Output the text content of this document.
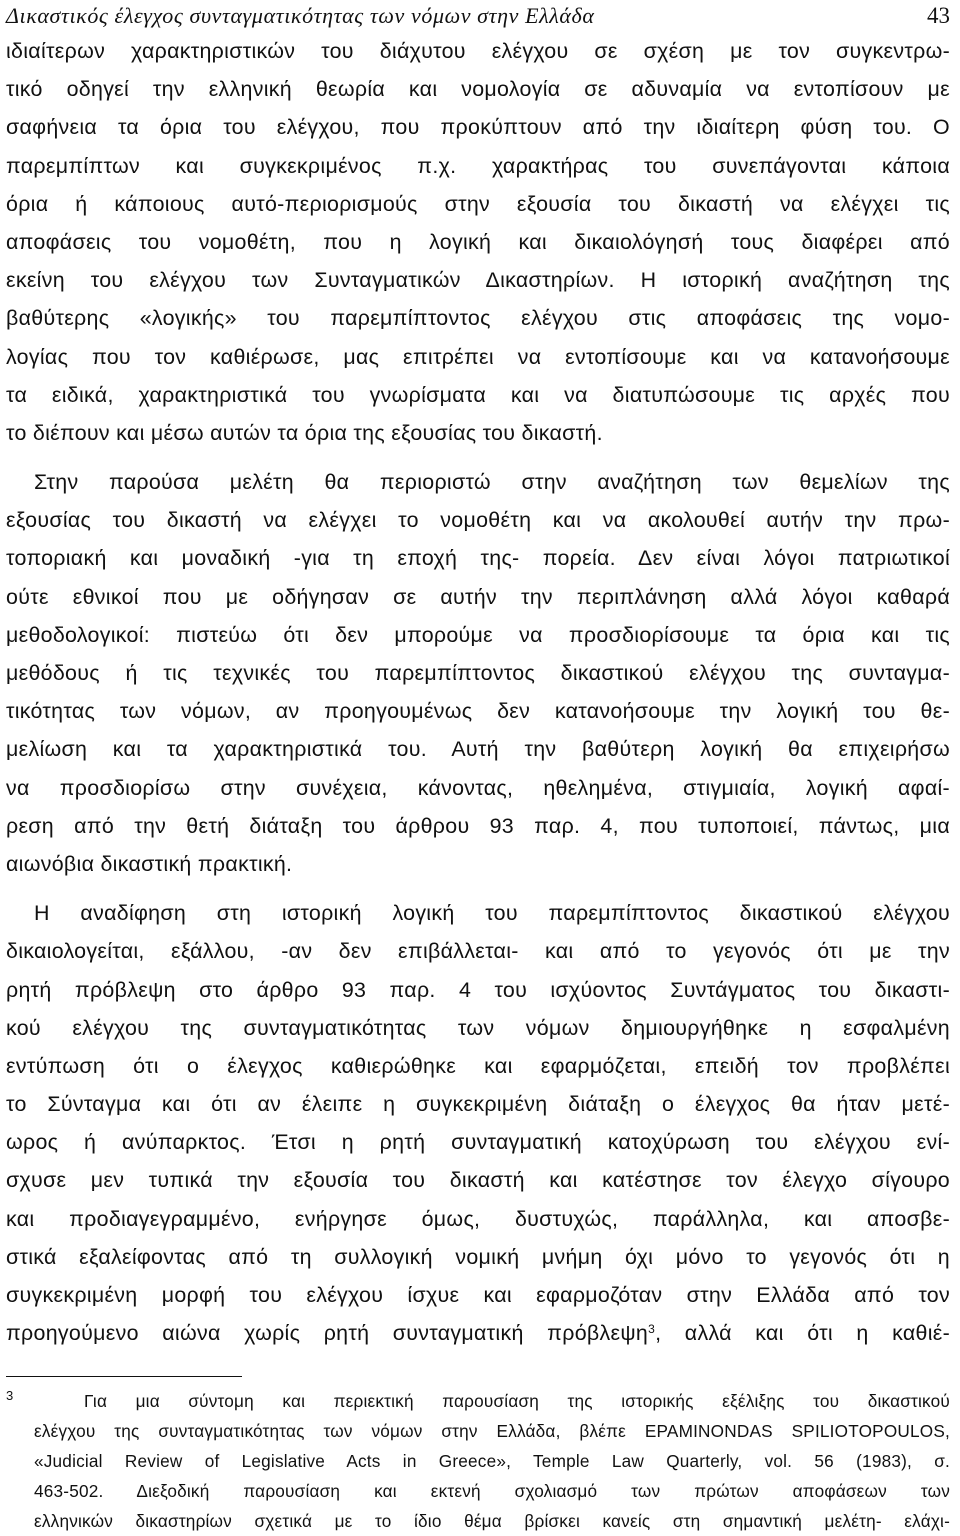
Δικαστικός έλεγχος συνταγματικότητας των νόμων στην Ελλάδα	43
ιδιαίτερων χαρακτηριστικών του διάχυτου ελέγχου σε σχέση με τον συγκεντρω-
τικό οδηγεί την ελληνική θεωρία και νομολογία σε αδυναμία να εντοπίσουν με
σαφήνεια τα όρια του ελέγχου, που προκύπτουν από την ιδιαίτερη φύση του. Ο
παρεμπίπτων και συγκεκριμένος π.χ. χαρακτήρας του συνεπάγονται κάποια
όρια ή κάποιους αυτό-περιορισμούς στην εξουσία του δικαστή να ελέγχει τις
αποφάσεις του νομοθέτη, που η λογική και δικαιολόγησή τους διαφέρει από
εκείνη του ελέγχου των Συνταγματικών Δικαστηρίων. Η ιστορική αναζήτηση της
βαθύτερης «λογικής» του παρεμπίπτοντος ελέγχου στις αποφάσεις της νομο-
λογίας που τον καθιέρωσε, μας επιτρέπει να εντοπίσουμε και να κατανοήσουμε
τα ειδικά, χαρακτηριστικά του γνωρίσματα και να διατυπώσουμε τις αρχές που
το διέπουν και μέσω αυτών τα όρια της εξουσίας του δικαστή.
Στην παρούσα μελέτη θα περιοριστώ στην αναζήτηση των θεμελίων της
εξουσίας του δικαστή να ελέγχει το νομοθέτη και να ακολουθεί αυτήν την πρω-
τοποριακή και μοναδική -για τη εποχή της- πορεία. Δεν είναι λόγοι πατριωτικοί
ούτε εθνικοί που με οδήγησαν σε αυτήν την περιπλάνηση αλλά λόγοι καθαρά
μεθοδολογικοί: πιστεύω ότι δεν μπορούμε να προσδιορίσουμε τα όρια και τις
μεθόδους ή τις τεχνικές του παρεμπίπτοντος δικαστικού ελέγχου της συνταγμα-
τικότητας των νόμων, αν προηγουμένως δεν κατανοήσουμε την λογική του θε-
μελίωση και τα χαρακτηριστικά του. Αυτή την βαθύτερη λογική θα επιχειρήσω
να προσδιορίσω στην συνέχεια, κάνοντας, ηθελημένα, στιγμιαία, λογική αφαί-
ρεση από την θετή διάταξη του άρθρου 93 παρ. 4, που τυποποιεί, πάντως, μια
αιωνόβια δικαστική πρακτική.
Η αναδίφηση στη ιστορική λογική του παρεμπίπτοντος δικαστικού ελέγχου
δικαιολογείται, εξάλλου, -αν δεν επιβάλλεται- και από το γεγονός ότι με την
ρητή πρόβλεψη στο άρθρο 93 παρ. 4 του ισχύοντος Συντάγματος του δικαστι-
κού ελέγχου της συνταγματικότητας των νόμων δημιουργήθηκε η εσφαλμένη
εντύπωση ότι ο έλεγχος καθιερώθηκε και εφαρμόζεται, επειδή τον προβλέπει
το Σύνταγμα και ότι αν έλειπε η συγκεκριμένη διάταξη ο έλεγχος θα ήταν μετέ-
ωρος ή ανύπαρκτος. Έτσι η ρητή συνταγματική κατοχύρωση του ελέγχου ενί-
σχυσε μεν τυπικά την εξουσία του δικαστή και κατέστησε τον έλεγχο σίγουρο
και προδιαγεγραμμένο, ενήργησε όμως, δυστυχώς, παράλληλα, και αποσβε-
στικά εξαλείφοντας από τη συλλογική νομική μνήμη όχι μόνο το γεγονός ότι η
συγκεκριμένη μορφή του ελέγχου ίσχυε και εφαρμοζόταν στην Ελλάδα από τον
προηγούμενο αιώνα χωρίς ρητή συνταγματική πρόβλεψη$^3$, αλλά και ότι η καθιέ-
3	Για μια σύντομη και περιεκτική παρουσίαση της ιστορικής εξέλιξης του δικαστικού
ελέγχου της συνταγματικότητας των νόμων στην Ελλάδα, βλέπε ΕPAMINONDAS SPILIOTOPOULOS,
«Judicial Review of Legislative Acts in Greece», Temple Law Quarterly, vol. 56 (1983), σ.
463-502. Διεξοδική παρουσίαση και εκτενή σχολιασμό των πρώτων αποφάσεων των
ελληνικών δικαστηρίων σχετικά με το ίδιο θέμα βρίσκει κανείς στη σημαντική μελέτη- ελάχι-
